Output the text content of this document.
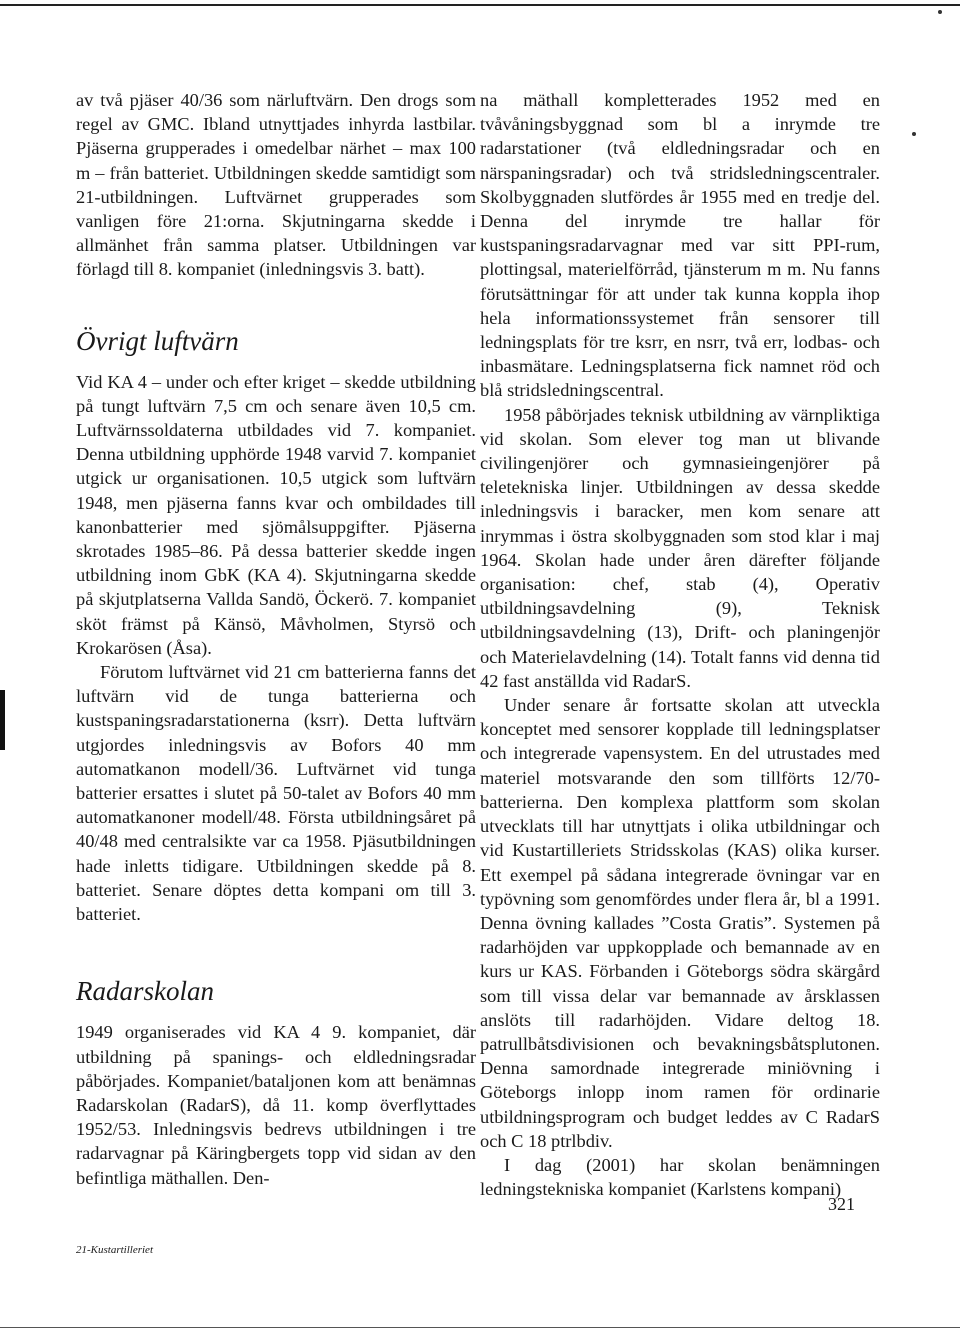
av två pjäser 40/36 som närluftvärn. Den drogs som regel av GMC. Ibland utnyttjades inhyrda lastbilar. Pjäserna grupperades i omedelbar närhet – max 100 m – från batteriet. Utbildningen skedde samtidigt som 21-utbildningen. Luftvärnet grupperades som vanligen före 21:orna. Skjutningarna skedde i allmänhet från samma platser. Utbildningen var förlagd till 8. kompaniet (inledningsvis 3. batt).

Övrigt luftvärn

Vid KA 4 – under och efter kriget – skedde utbildning på tungt luftvärn 7,5 cm och senare även 10,5 cm. Luftvärnssoldaterna utbildades vid 7. kompaniet. Denna utbildning upphörde 1948 varvid 7. kompaniet utgick ur organisationen. 10,5 utgick som luftvärn 1948, men pjäserna fanns kvar och ombildades till kanonbatterier med sjömålsuppgifter. Pjäserna skrotades 1985–86. På dessa batterier skedde ingen utbildning inom GbK (KA 4). Skjutningarna skedde på skjutplatserna Vallda Sandö, Öckerö. 7. kompaniet sköt främst på Känsö, Måvholmen, Styrsö och Krokarösen (Åsa).

Förutom luftvärnet vid 21 cm batterierna fanns det luftvärn vid de tunga batterierna och kustspaningsradarstationerna (ksrr). Detta luftvärn utgjordes inledningsvis av Bofors 40 mm automatkanon modell/36. Luftvärnet vid tunga batterier ersattes i slutet på 50-talet av Bofors 40 mm automatkanoner modell/48. Första utbildningsåret på 40/48 med centralsikte var ca 1958. Pjäsutbildningen hade inletts tidigare. Utbildningen skedde på 8. batteriet. Senare döptes detta kompani om till 3. batteriet.

Radarskolan

1949 organiserades vid KA 4 9. kompaniet, där utbildning på spanings- och eldledningsradar påbörjades. Kompaniet/bataljonen kom att benämnas Radarskolan (RadarS), då 11. komp överflyttades 1952/53. Inledningsvis bedrevs utbildningen i tre radarvagnar på Käringbergets topp vid sidan av den befintliga mäthallen. Den-

na mäthall kompletterades 1952 med en tvåvåningsbyggnad som bl a inrymde tre radarstationer (två eldledningsradar och en närspaningsradar) och två stridsledningscentraler. Skolbyggnaden slutfördes år 1955 med en tredje del. Denna del inrymde tre hallar för kustspaningsradarvagnar med var sitt PPI-rum, plottingsal, materielförråd, tjänsterum m m. Nu fanns förutsättningar för att under tak kunna koppla ihop hela informationssystemet från sensorer till ledningsplats för tre ksrr, en nsrr, två err, lodbas- och inbasmätare. Ledningsplatserna fick namnet röd och blå stridsledningscentral.

1958 påbörjades teknisk utbildning av värnpliktiga vid skolan. Som elever tog man ut blivande civilingenjörer och gymnasieingenjörer på teletekniska linjer. Utbildningen av dessa skedde inledningsvis i baracker, men kom senare att inrymmas i östra skolbyggnaden som stod klar i maj 1964. Skolan hade under åren därefter följande organisation: chef, stab (4), Operativ utbildningsavdelning (9), Teknisk utbildningsavdelning (13), Drift- och planingenjör och Materielavdelning (14). Totalt fanns vid denna tid 42 fast anställda vid RadarS.

Under senare år fortsatte skolan att utveckla konceptet med sensorer kopplade till ledningsplatser och integrerade vapensystem. En del utrustades med materiel motsvarande den som tillförts 12/70-batterierna. Den komplexa plattform som skolan utvecklats till har utnyttjats i olika utbildningar och vid Kustartilleriets Stridsskolas (KAS) olika kurser. Ett exempel på sådana integrerade övningar var en typövning som genomfördes under flera år, bl a 1991. Denna övning kallades ”Costa Gratis”. Systemen på radarhöjden var uppkopplade och bemannade av en kurs ur KAS. Förbanden i Göteborgs södra skärgård som till vissa delar var bemannade av årsklassen anslöts till radarhöjden. Vidare deltog 18. patrullbåtsdivisionen och bevakningsbåtsplutonen. Denna samordnade integrerade miniövning i Göteborgs inlopp inom ramen för ordinarie utbildningsprogram och budget leddes av C RadarS och C 18 ptrlbdiv.

I dag (2001) har skolan benämningen ledningstekniska kompaniet (Karlstens kompani)

321
21-Kustartilleriet
